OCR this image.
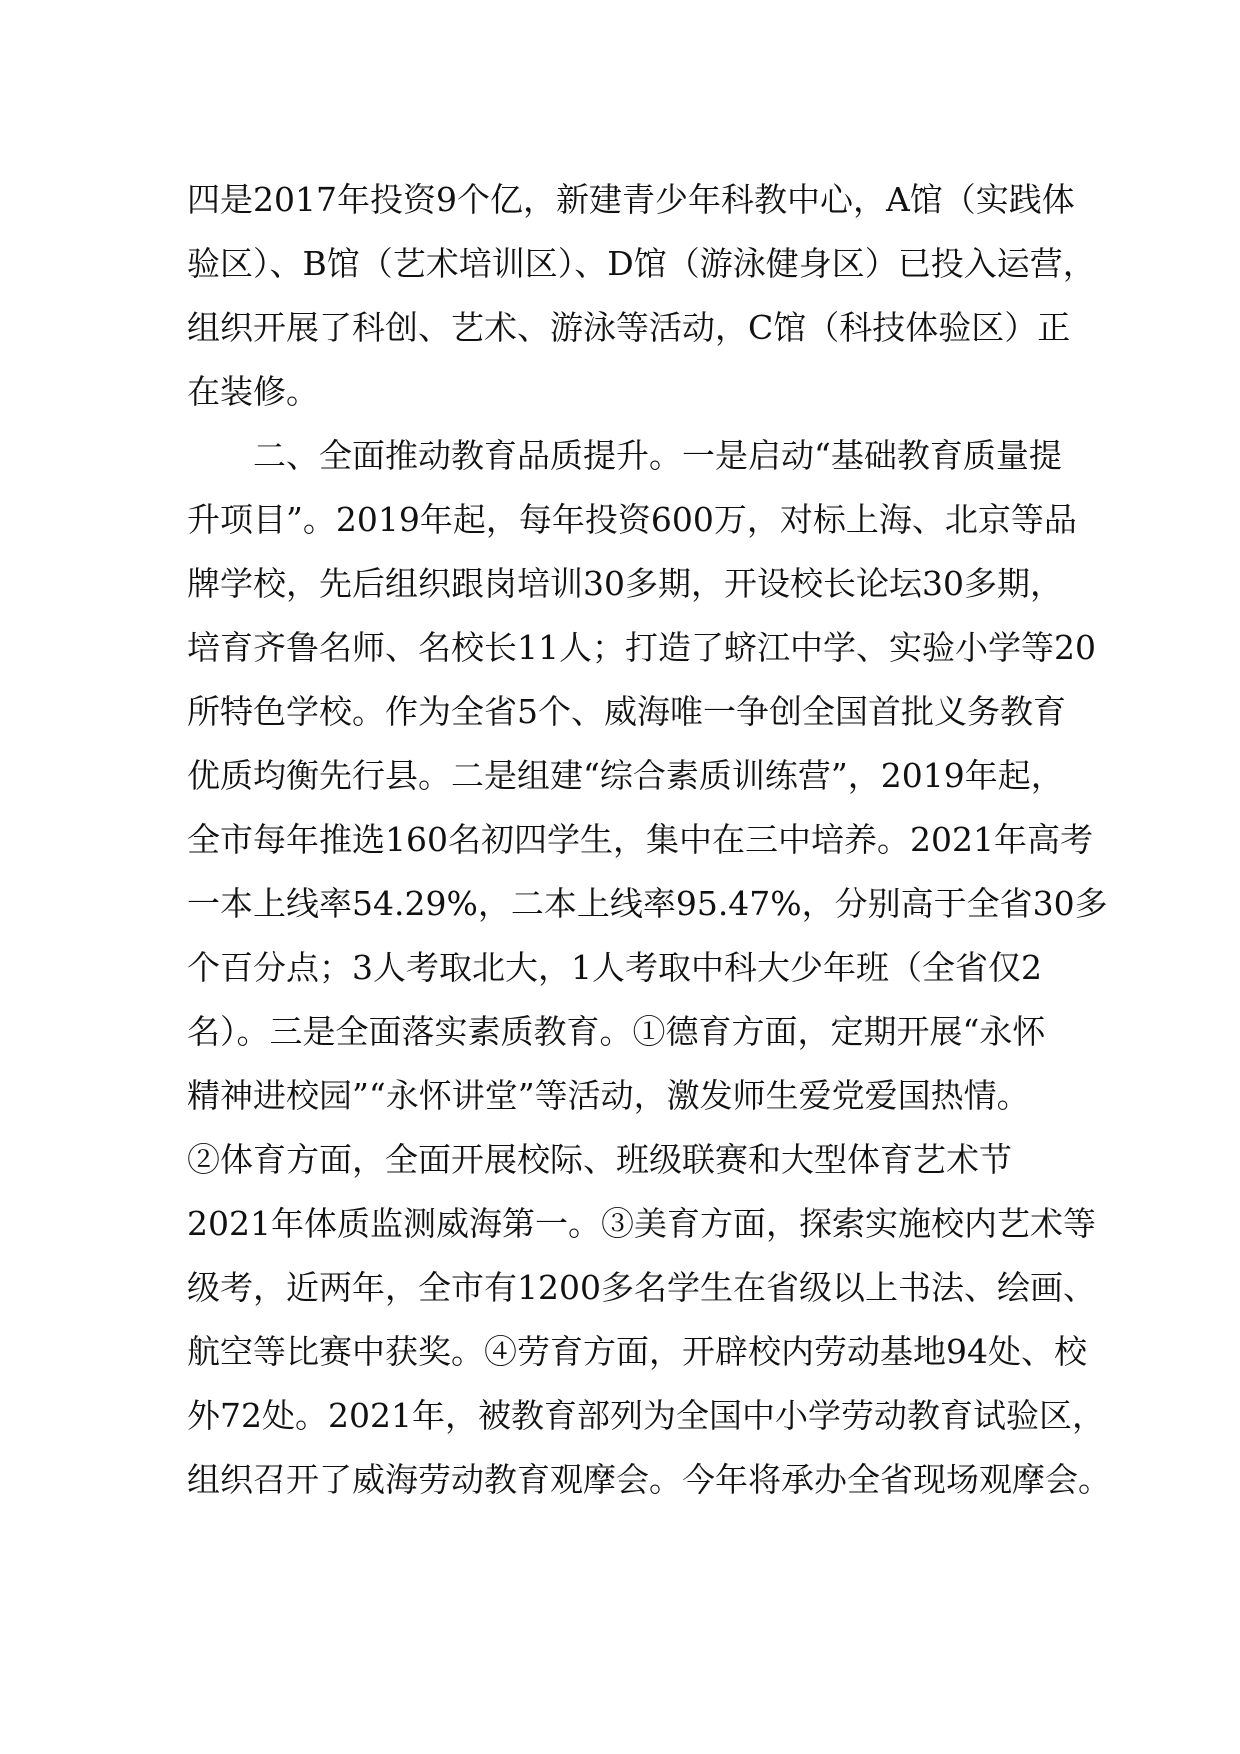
四是2017年投资9个亿，新建青少年科教中心，A馆（实践体
验区）、B馆（艺术培训区）、D馆（游泳健身区）已投入运营，
组织开展了科创、艺术、游泳等活动，C馆（科技体验区）正
在装修。
　　二、全面推动教育品质提升。一是启动“基础教育质量提
升项目”。2019年起，每年投资600万，对标上海、北京等品
牌学校，先后组织跟岗培训30多期，开设校长论坛30多期，
培育齐鲁名师、名校长11人；打造了蛴江中学、实验小学等20
所特色学校。作为全省5个、威海唯一争创全国首批义务教育
优质均衡先行县。二是组建“综合素质训练营”，2019年起，
全市每年推选160名初四学生，集中在三中培养。2021年高考
一本上线率54.29%，二本上线率95.47%，分别高于全省30多
个百分点；3人考取北大，1人考取中科大少年班（全省仅2
名）。三是全面落实素质教育。①德育方面，定期开展“永怀
精神进校园”“永怀讲堂”等活动，激发师生爱党爱国热情。
②体育方面，全面开展校际、班级联赛和大型体育艺术节
2021年体质监测威海第一。③美育方面，探索实施校内艺术等
级考，近两年，全市有1200多名学生在省级以上书法、绘画、
航空等比赛中获奖。④劳育方面，开辟校内劳动基地94处、校
外72处。2021年，被教育部列为全国中小学劳动教育试验区，
组织召开了威海劳动教育观摩会。今年将承办全省现场观摩会。
